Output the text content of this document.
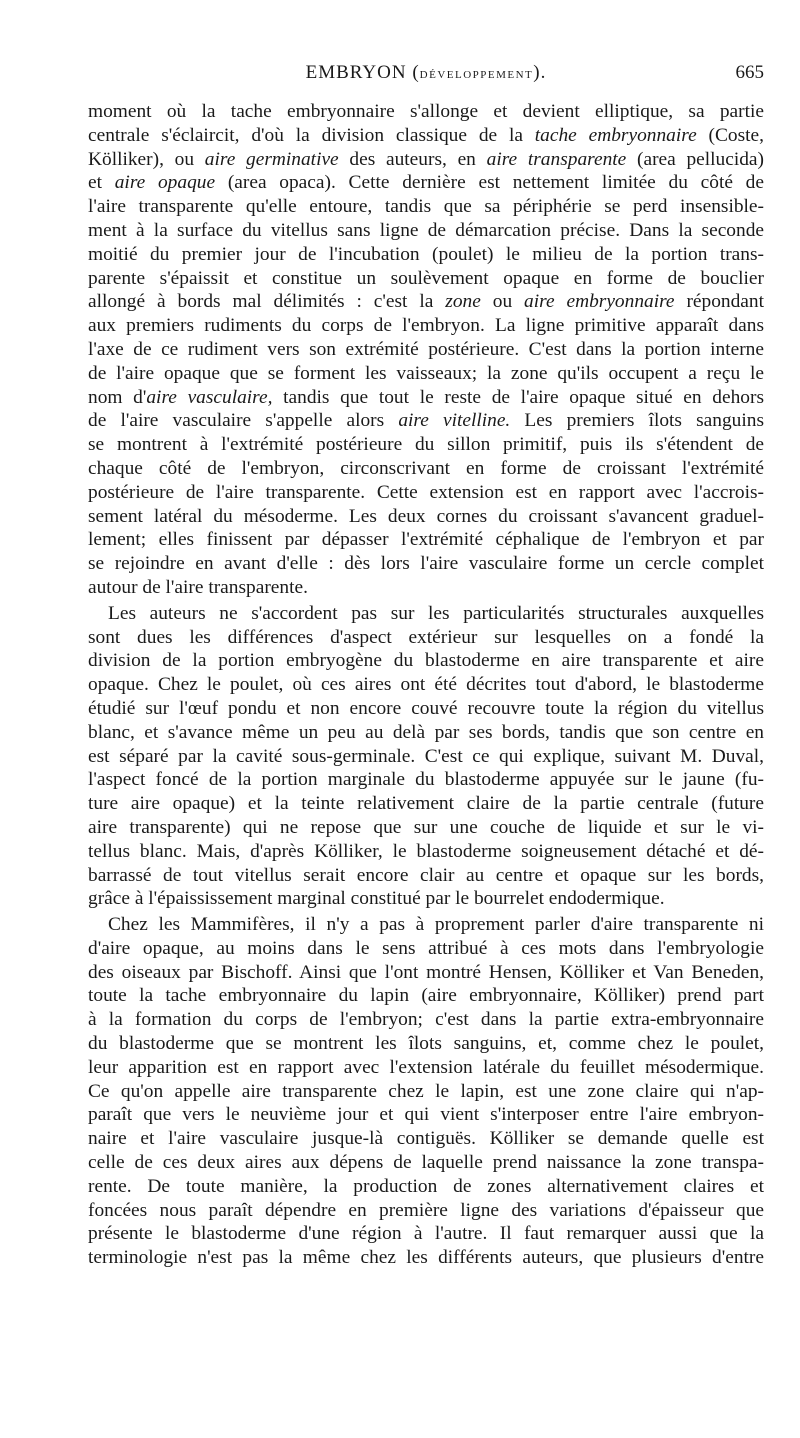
EMBRYON (développement).	665
moment où la tache embryonnaire s'allonge et devient elliptique, sa partie
centrale s'éclaircit, d'où la division classique de la tache embryonnaire (Coste,
Kölliker), ou aire germinative des auteurs, en aire transparente (area pellucida)
et aire opaque (area opaca). Cette dernière est nettement limitée du côté de
l'aire transparente qu'elle entoure, tandis que sa périphérie se perd insensible-
ment à la surface du vitellus sans ligne de démarcation précise. Dans la seconde
moitié du premier jour de l'incubation (poulet) le milieu de la portion trans-
parente s'épaissit et constitue un soulèvement opaque en forme de bouclier
allongé à bords mal délimités : c'est la zone ou aire embryonnaire répondant
aux premiers rudiments du corps de l'embryon. La ligne primitive apparaît dans
l'axe de ce rudiment vers son extrémité postérieure. C'est dans la portion interne
de l'aire opaque que se forment les vaisseaux; la zone qu'ils occupent a reçu le
nom d'aire vasculaire, tandis que tout le reste de l'aire opaque situé en dehors
de l'aire vasculaire s'appelle alors aire vitelline. Les premiers îlots sanguins
se montrent à l'extrémité postérieure du sillon primitif, puis ils s'étendent de
chaque côté de l'embryon, circonscrivant en forme de croissant l'extrémité
postérieure de l'aire transparente. Cette extension est en rapport avec l'accrois-
sement latéral du mésoderme. Les deux cornes du croissant s'avancent graduel-
lement; elles finissent par dépasser l'extrémité céphalique de l'embryon et par
se rejoindre en avant d'elle : dès lors l'aire vasculaire forme un cercle complet
autour de l'aire transparente.
Les auteurs ne s'accordent pas sur les particularités structurales auxquelles
sont dues les différences d'aspect extérieur sur lesquelles on a fondé la
division de la portion embryogène du blastoderme en aire transparente et aire
opaque. Chez le poulet, où ces aires ont été décrites tout d'abord, le blastoderme
étudié sur l'œuf pondu et non encore couvé recouvre toute la région du vitellus
blanc, et s'avance même un peu au delà par ses bords, tandis que son centre en
est séparé par la cavité sous-germinale. C'est ce qui explique, suivant M. Duval,
l'aspect foncé de la portion marginale du blastoderme appuyée sur le jaune (fu-
ture aire opaque) et la teinte relativement claire de la partie centrale (future
aire transparente) qui ne repose que sur une couche de liquide et sur le vi-
tellus blanc. Mais, d'après Kölliker, le blastoderme soigneusement détaché et dé-
barrassé de tout vitellus serait encore clair au centre et opaque sur les bords,
grâce à l'épaississement marginal constitué par le bourrelet endodermique.
Chez les Mammifères, il n'y a pas à proprement parler d'aire transparente ni
d'aire opaque, au moins dans le sens attribué à ces mots dans l'embryologie
des oiseaux par Bischoff. Ainsi que l'ont montré Hensen, Kölliker et Van Beneden,
toute la tache embryonnaire du lapin (aire embryonnaire, Kölliker) prend part
à la formation du corps de l'embryon; c'est dans la partie extra-embryonnaire
du blastoderme que se montrent les îlots sanguins, et, comme chez le poulet,
leur apparition est en rapport avec l'extension latérale du feuillet mésodermique.
Ce qu'on appelle aire transparente chez le lapin, est une zone claire qui n'ap-
paraît que vers le neuvième jour et qui vient s'interposer entre l'aire embryon-
naire et l'aire vasculaire jusque-là contiguës. Kölliker se demande quelle est
celle de ces deux aires aux dépens de laquelle prend naissance la zone transpa-
rente. De toute manière, la production de zones alternativement claires et
foncées nous paraît dépendre en première ligne des variations d'épaisseur que
présente le blastoderme d'une région à l'autre. Il faut remarquer aussi que la
terminologie n'est pas la même chez les différents auteurs, que plusieurs d'entre
